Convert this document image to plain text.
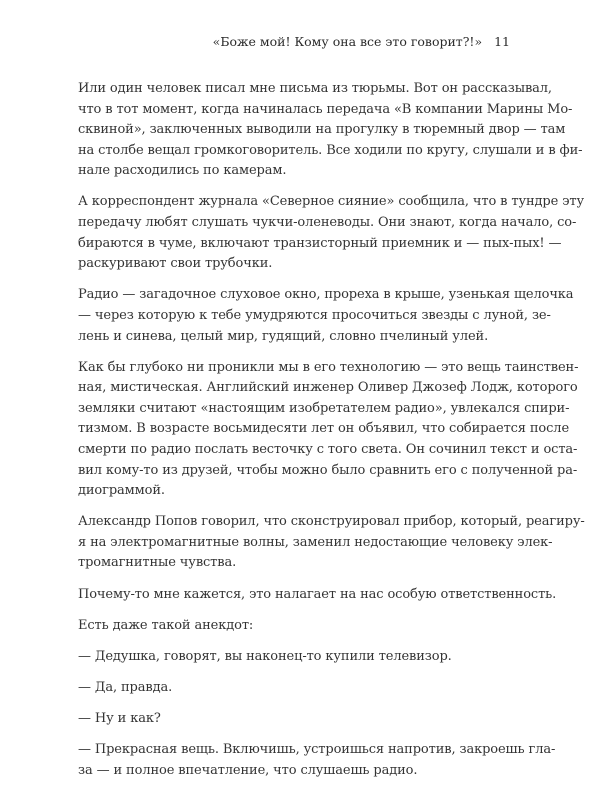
«Боже мой! Кому она все это говорит?!» 11

Или один человек писал мне письма из тюрьмы. Вот он рассказывал,
что в тот момент, когда начиналась передача «В компании Марины Мо-
сквиной», заключенных выводили на прогулку в тюремный двор — там
на столбе вещал громкоговоритель. Все ходили по кругу, слушали и в фи-
нале расходились по камерам.

А корреспондент журнала «Северное сияние» сообщила, что в тундре эту
передачу любят слушать чукчи-оленеводы. Они знают, когда начало, со-
бираются в чуме, включают транзисторный приемник и — пых-пых! —
раскуривают свои трубочки.

Радио — загадочное слуховое окно, прореха в крыше, узенькая щелочка
— через которую к тебе умудряются просочиться звезды с луной, зе-
лень и синева, целый мир, гудящий, словно пчелиный улей.

Как бы глубоко ни проникли мы в его технологию — это вещь таинствен-
ная, мистическая. Английский инженер Оливер Джозеф Лодж, которого
земляки считают «настоящим изобретателем радио», увлекался спири-
тизмом. В возрасте восьмидесяти лет он объявил, что собирается после
смерти по радио послать весточку с того света. Он сочинил текст и оста-
вил кому-то из друзей, чтобы можно было сравнить его с полученной ра-
диограммой.

Александр Попов говорил, что сконструировал прибор, который, реагиру-
я на электромагнитные волны, заменил недостающие человеку элек-
тромагнитные чувства.

Почему-то мне кажется, это налагает на нас особую ответственность.

Есть даже такой анекдот:

— Дедушка, говорят, вы наконец-то купили телевизор.

— Да, правда.

— Ну и как?

— Прекрасная вещь. Включишь, устроишься напротив, закроешь гла-
за — и полное впечатление, что слушаешь радио.
